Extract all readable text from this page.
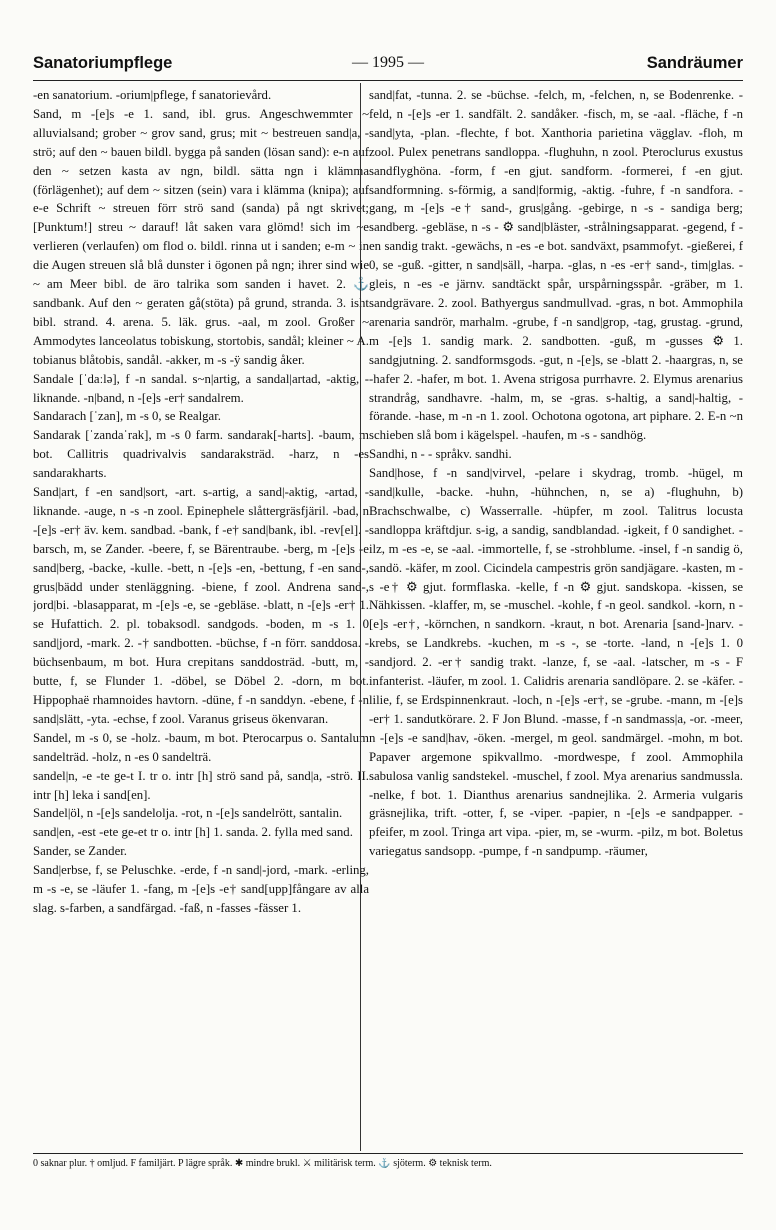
Sanatoriumpflege	— 1995 —	Sandräumer

-en sanatorium. -orium|pflege, f sanatorievård.

Sand, m -[e]s -e 1. sand, ibl. grus. Angeschwemmter ~ alluvialsand; grober ~ grov sand, grus; mit ~ bestreuen sand|a, -strö; auf den ~ bauen bildl. bygga på sanden (lösan sand): e-n auf den ~ setzen kasta av ngn, bildl. sätta ngn i klämma (förlägenhet); auf dem ~ sitzen (sein) vara i klämma (knipa); auf e-e Schrift ~ streuen förr strö sand (sanda) på ngt skrivet; [Punktum!] streu ~ darauf! låt saken vara glömd! sich im ~e verlieren (verlaufen) om flod o. bildl. rinna ut i sanden; e-m ~ in die Augen streuen slå blå dunster i ögonen på ngn; ihrer sind wie ~ am Meer bibl. de äro talrika som sanden i havet. 2. ⚓ sandbank. Auf den ~ geraten gå(stöta) på grund, stranda. 3. isht bibl. strand. 4. arena. 5. läk. grus. -aal, m zool. Großer ~ Ammodytes lanceolatus tobiskung, stortobis, sandål; kleiner ~ A. tobianus blåtobis, sandål. -akker, m -s -ÿ sandig åker.

Sandale [ˈdaːlə], f -n sandal. s~n|artig, a sandal|artad, -aktig, -liknande. -n|band, n -[e]s -er† sandalrem.

Sandarach [ˈzan], m -s 0, se Realgar.

Sandarak [ˈzandaˈrak], m -s 0 farm. sandarak[-harts]. -baum, m bot. Callitris quadrivalvis sandaraksträd. -harz, n -es sandarakharts.

Sand|art, f -en sand|sort, -art. s-artig, a sand|-aktig, -artad, -liknande. -auge, n -s -n zool. Epinephele slåttergräsfjäril. -bad, n -[e]s -er† äv. kem. sandbad. -bank, f -e† sand|bank, ibl. -rev[el]. -barsch, m, se Zander. -beere, f, se Bärentraube. -berg, m -[e]s -e sand|berg, -backe, -kulle. -bett, n -[e]s -en, -bettung, f -en sand-, grus|bädd under stenläggning. -biene, f zool. Andrena sand-, jord|bi. -blasapparat, m -[e]s -e, se -gebläse. -blatt, n -[e]s -er† 1. se Hufattich. 2. pl. tobaksodl. sandgods. -boden, m -s 1. 0 sand|jord, -mark. 2. -† sandbotten. -büchse, f -n förr. sanddosa. -büchsenbaum, m bot. Hura crepitans sanddosträd. -butt, m, -butte, f, se Flunder 1. -döbel, se Döbel 2. -dorn, m bot. Hippophaë rhamnoides havtorn. -düne, f -n sanddyn. -ebene, f -n sand|slätt, -yta. -echse, f zool. Varanus griseus ökenvaran.

Sandel, m -s 0, se -holz. -baum, m bot. Pterocarpus o. Santalum sandelträd. -holz, n -es 0 sandelträ.

sandel|n, -e -te ge-t I. tr o. intr [h] strö sand på, sand|a, -strö. II. intr [h] leka i sand[en].

Sandel|öl, n -[e]s sandelolja. -rot, n -[e]s sandelrött, santalin.

sand|en, -est -ete ge-et tr o. intr [h] 1. sanda. 2. fylla med sand.

Sander, se Zander.

Sand|erbse, f, se Peluschke. -erde, f -n sand|-jord, -mark. -erling, m -s -e, se -läufer 1. -fang, m -[e]s -e† sand[upp]fångare av alla slag. s-farben, a sandfärgad. -faß, n -fasses -fässer 1.

sand|fat, -tunna. 2. se -büchse. -felch, m, -felchen, n, se Bodenrenke. -feld, n -[e]s -er 1. sandfält. 2. sandåker. -fisch, m, se -aal. -fläche, f -n sand|yta, -plan. -flechte, f bot. Xanthoria parietina vägglav. -floh, m zool. Pulex penetrans sandloppa. -flughuhn, n zool. Pteroclurus exustus sandflyghöna. -form, f -en gjut. sandform. -formerei, f -en gjut. sandformning. s-förmig, a sand|formig, -aktig. -fuhre, f -n sandfora. -gang, m -[e]s -e† sand-, grus|gång. -gebirge, n -s - sandiga berg; sandberg. -gebläse, n -s - ⚙ sand|bläster, -strålningsapparat. -gegend, f -en sandig trakt. -gewächs, n -es -e bot. sandväxt, psammofyt. -gießerei, f 0, se -guß. -gitter, n sand|säll, -harpa. -glas, n -es -er† sand-, tim|glas. -gleis, n -es -e järnv. sandtäckt spår, urspårningsspår. -gräber, m 1. sandgrävare. 2. zool. Bathyergus sandmullvad. -gras, n bot. Ammophila arenaria sandrör, marhalm. -grube, f -n sand|grop, -tag, grustag. -grund, m -[e]s 1. sandig mark. 2. sandbotten. -guß, m -gusses ⚙ 1. sandgjutning. 2. sandformsgods. -gut, n -[e]s, se -blatt 2. -haargras, n, se -hafer 2. -hafer, m bot. 1. Avena strigosa purrhavre. 2. Elymus arenarius strandråg, sandhavre. -halm, m, se -gras. s-haltig, a sand|-haltig, -förande. -hase, m -n -n 1. zool. Ochotona ogotona, art piphare. 2. E-n ~n schieben slå bom i kägelspel. -haufen, m -s - sandhög.

Sandhi, n - - språkv. sandhi.

Sand|hose, f -n sand|virvel, -pelare i skydrag, tromb. -hügel, m sand|kulle, -backe. -huhn, -hühnchen, n, se a) -flughuhn, b) Brachschwalbe, c) Wasserralle. -hüpfer, m zool. Talitrus locusta sandloppa kräftdjur. s-ig, a sandig, sandblandad. -igkeit, f 0 sandighet. -ilz, m -es -e, se -aal. -immortelle, f, se -strohblume. -insel, f -n sandig ö, sandö. -käfer, m zool. Cicindela campestris grön sandjägare. -kasten, m -s -e† ⚙ gjut. formflaska. -kelle, f -n ⚙ gjut. sandskopa. -kissen, se Nähkissen. -klaffer, m, se -muschel. -kohle, f -n geol. sandkol. -korn, n -[e]s -er†, -körnchen, n sandkorn. -kraut, n bot. Arenaria [sand-]narv. -krebs, se Landkrebs. -kuchen, m -s -, se -torte. -land, n -[e]s 1. 0 sandjord. 2. -er† sandig trakt. -lanze, f, se -aal. -latscher, m -s - F infanterist. -läufer, m zool. 1. Calidris arenaria sandlöpare. 2. se -käfer. -lilie, f, se Erdspinnenkraut. -loch, n -[e]s -er†, se -grube. -mann, m -[e]s -er† 1. sandutkörare. 2. F Jon Blund. -masse, f -n sandmass|a, -or. -meer, n -[e]s -e sand|hav, -öken. -mergel, m geol. sandmärgel. -mohn, m bot. Papaver argemone spikvallmo. -mordwespe, f zool. Ammophila sabulosa vanlig sandstekel. -muschel, f zool. Mya arenarius sandmussla. -nelke, f bot. 1. Dianthus arenarius sandnejlika. 2. Armeria vulgaris gräsnejlika, trift. -otter, f, se -viper. -papier, n -[e]s -e sandpapper. -pfeifer, m zool. Tringa art vipa. -pier, m, se -wurm. -pilz, m bot. Boletus variegatus sandsopp. -pumpe, f -n sandpump. -räumer,

0 saknar plur. † omljud. F familjärt. P lägre språk. ✱ mindre brukl. ⚔ militärisk term. ⚓ sjöterm. ⚙ teknisk term.
